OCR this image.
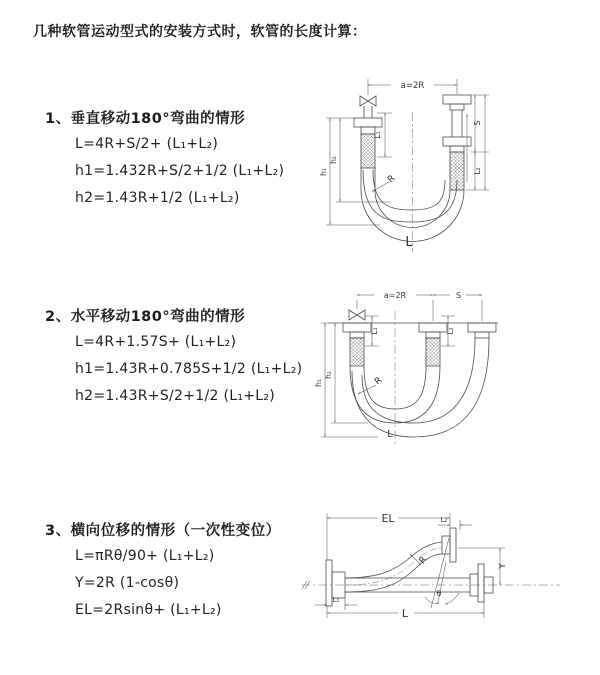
几种软管运动型式的安装方式时，软管的长度计算：
1、垂直移动180°弯曲的情形
L=4R+S/2+ (L₁+L₂)
h1=1.432R+S/2+1/2 (L₁+L₂)
h2=1.43R+1/2 (L₁+L₂)
a=2R
L₁
h₁
h₂
S
L₂
R
L
2、水平移动180°弯曲的情形
L=4R+1.57S+ (L₁+L₂)
h1=1.43R+0.785S+1/2 (L₁+L₂)
h2=1.43R+S/2+1/2 (L₁+L₂)
a=2R	S
h₁
h₂
L₁	L₂
R
L
3、横向位移的情形（一次性变位）
L=πRθ/90+ (L₁+L₂)
Y=2R (1-cosθ)
EL=2Rsinθ+ (L₁+L₂)
EL	L₂
Y
R
θ
L
L₁
